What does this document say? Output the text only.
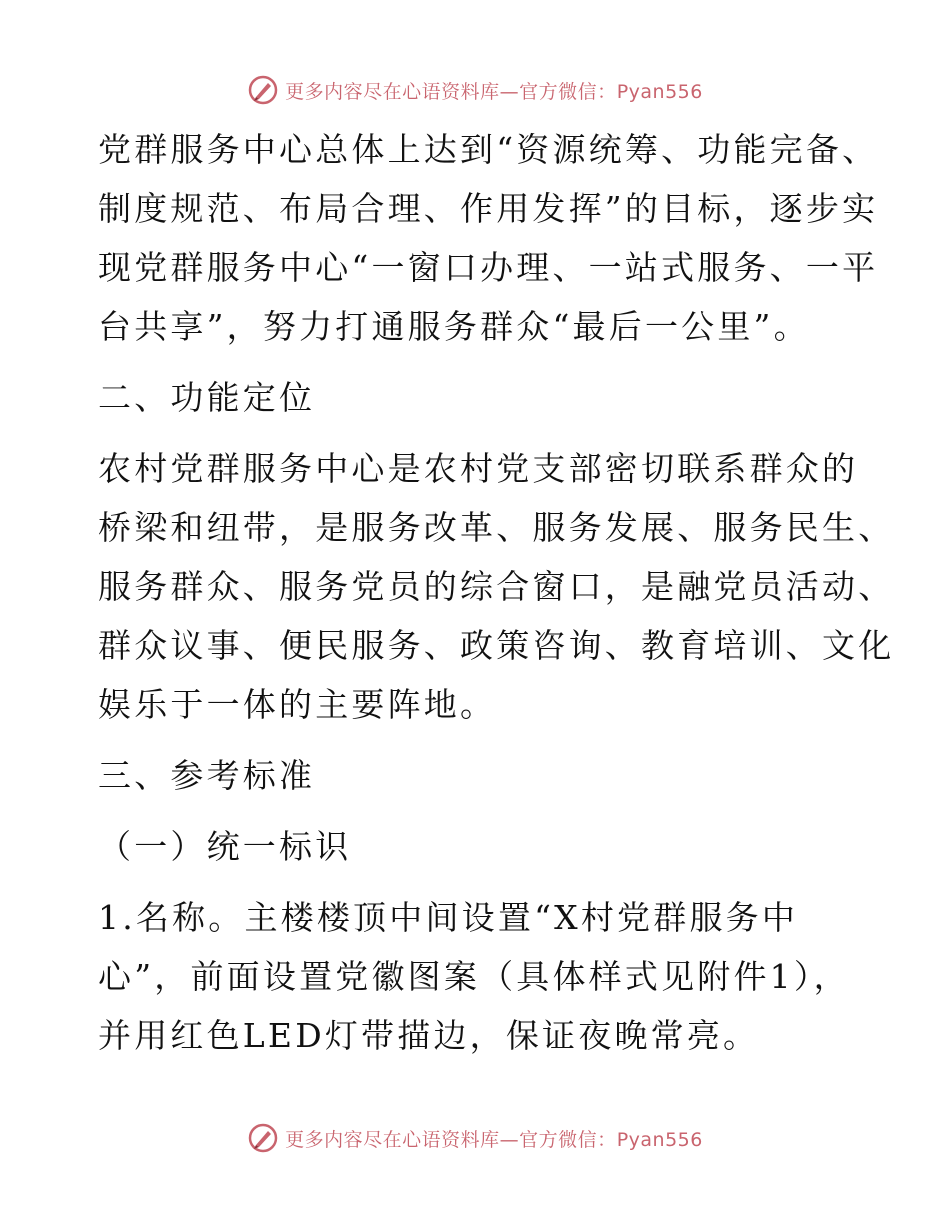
更多内容尽在心语资料库—官方微信：Pyan556

党群服务中心总体上达到“资源统筹、功能完备、

制度规范、布局合理、作用发挥”的目标，逐步实

现党群服务中心“一窗口办理、一站式服务、一平

台共享”，努力打通服务群众“最后一公里”。

二、功能定位

农村党群服务中心是农村党支部密切联系群众的

桥梁和纽带，是服务改革、服务发展、服务民生、

服务群众、服务党员的综合窗口，是融党员活动、

群众议事、便民服务、政策咨询、教育培训、文化

娱乐于一体的主要阵地。

三、参考标准

（一）统一标识

1.名称。主楼楼顶中间设置“X村党群服务中

心”，前面设置党徽图案（具体样式见附件1），

并用红色LED灯带描边，保证夜晚常亮。

更多内容尽在心语资料库—官方微信：Pyan556
